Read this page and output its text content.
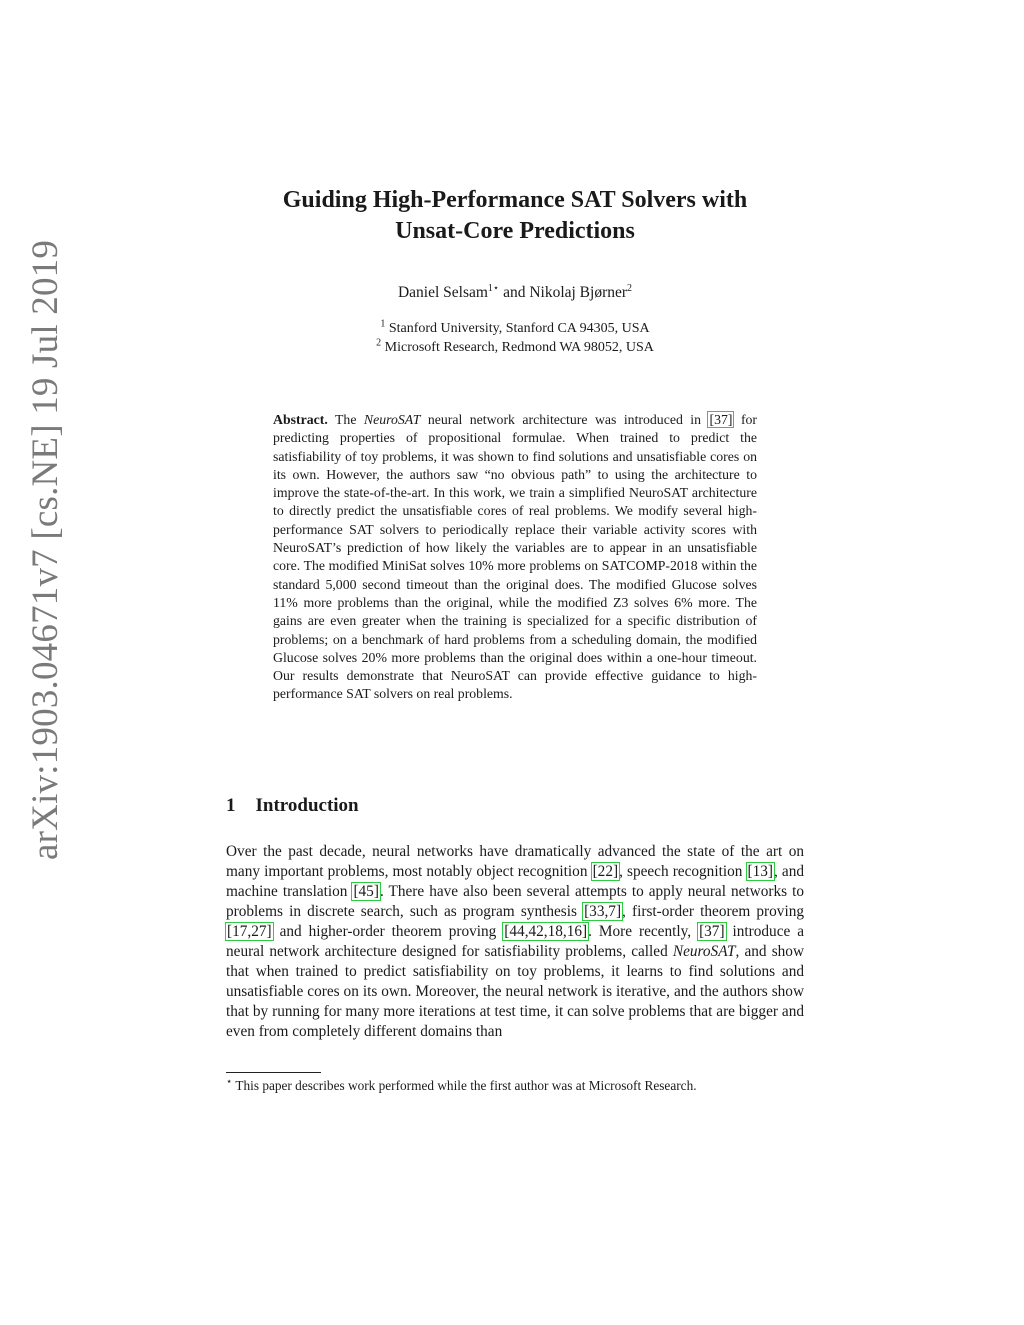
arXiv:1903.04671v7 [cs.NE] 19 Jul 2019
Guiding High-Performance SAT Solvers with
Unsat-Core Predictions
Daniel Selsam$^{1⋆}$ and Nikolaj Bjørner$^2$
$^1$ Stanford University, Stanford CA 94305, USA
$^2$ Microsoft Research, Redmond WA 98052, USA
Abstract. The NeuroSAT neural network architecture was introduced in [37] for predicting properties of propositional formulae. When trained to predict the satisfiability of toy problems, it was shown to find solutions and unsatisfiable cores on its own. However, the authors saw “no obvious path” to using the architecture to improve the state-of-the-art. In this work, we train a simplified NeuroSAT architecture to directly predict the unsatisfiable cores of real problems. We modify several high-performance SAT solvers to periodically replace their variable activity scores with NeuroSAT’s prediction of how likely the variables are to appear in an unsatisfiable core. The modified MiniSat solves 10% more problems on SATCOMP-2018 within the standard 5,000 second timeout than the original does. The modified Glucose solves 11% more problems than the original, while the modified Z3 solves 6% more. The gains are even greater when the training is specialized for a specific distribution of problems; on a benchmark of hard problems from a scheduling domain, the modified Glucose solves 20% more problems than the original does within a one-hour timeout. Our results demonstrate that NeuroSAT can provide effective guidance to high-performance SAT solvers on real problems.
1 Introduction
Over the past decade, neural networks have dramatically advanced the state of the art on many important problems, most notably object recognition [22], speech recognition [13], and machine translation [45]. There have also been several attempts to apply neural networks to problems in discrete search, such as program synthesis [33,7], first-order theorem proving [17,27] and higher-order theorem proving [44,42,18,16]. More recently, [37] introduce a neural network architecture designed for satisfiability problems, called NeuroSAT, and show that when trained to predict satisfiability on toy problems, it learns to find solutions and unsatisfiable cores on its own. Moreover, the neural network is iterative, and the authors show that by running for many more iterations at test time, it can solve problems that are bigger and even from completely different domains than
⋆ This paper describes work performed while the first author was at Microsoft Research.
